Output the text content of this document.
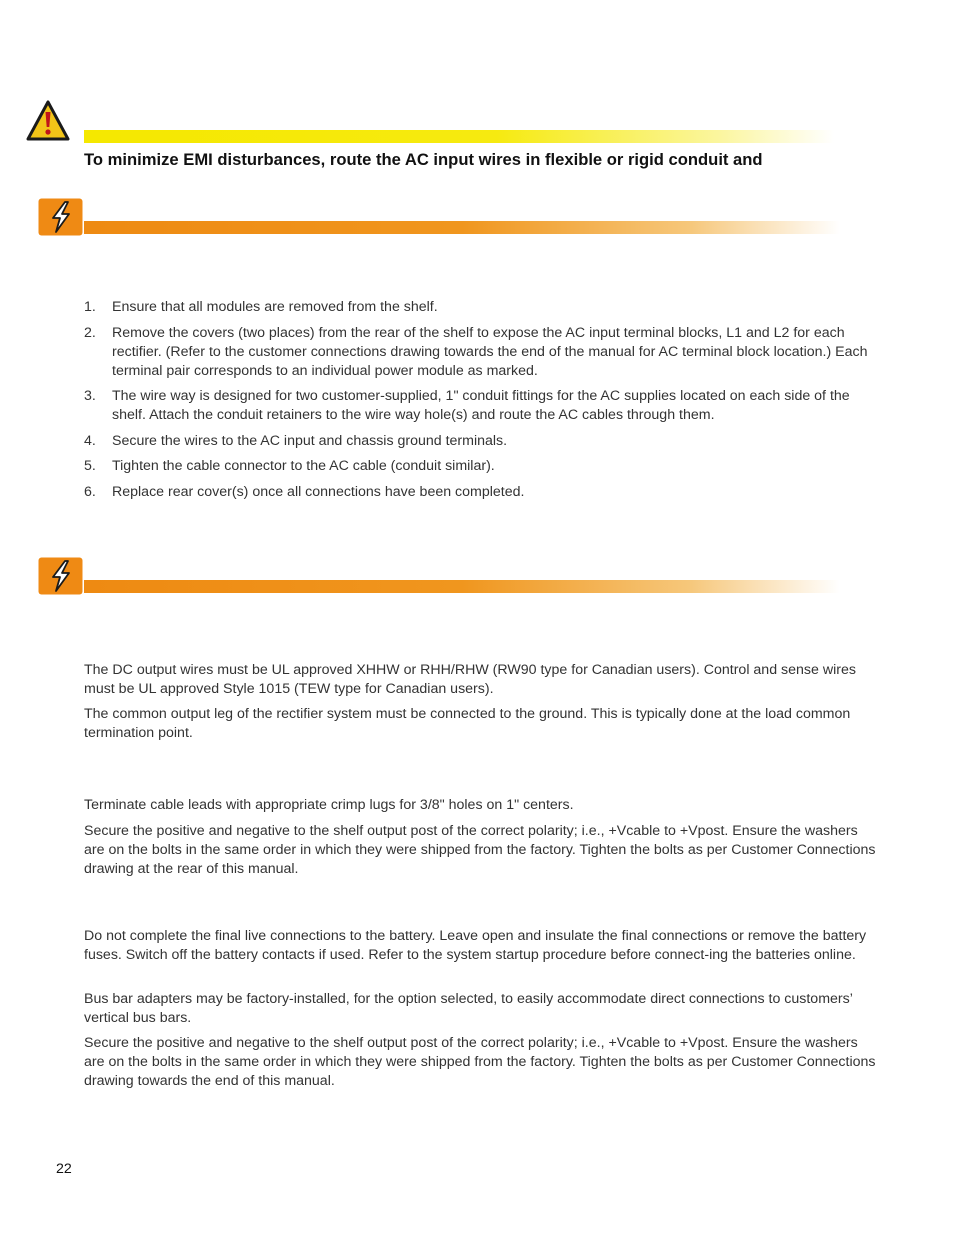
To minimize EMI disturbances, route the AC input wires in flexible or rigid conduit and
1. Ensure that all modules are removed from the shelf.
2. Remove the covers (two places) from the rear of the shelf to expose the AC input terminal blocks, L1 and L2 for each rectifier. (Refer to the customer connections drawing towards the end of the manual for AC terminal block location.) Each terminal pair corresponds to an individual power module as marked.
3. The wire way is designed for two customer-supplied, 1" conduit fittings for the AC supplies located on each side of the shelf. Attach the conduit retainers to the wire way hole(s) and route the AC cables through them.
4. Secure the wires to the AC input and chassis ground terminals.
5. Tighten the cable connector to the AC cable (conduit similar).
6. Replace rear cover(s) once all connections have been completed.

The DC output wires must be UL approved XHHW or RHH/RHW (RW90 type for Canadian users). Control and sense wires must be UL approved Style 1015 (TEW type for Canadian users).

The common output leg of the rectifier system must be connected to the ground. This is typically done at the load common termination point.

Terminate cable leads with appropriate crimp lugs for 3/8" holes on 1" centers.

Secure the positive and negative to the shelf output post of the correct polarity; i.e., +Vcable to +Vpost. Ensure the washers are on the bolts in the same order in which they were shipped from the factory. Tighten the bolts as per Customer Connections drawing at the rear of this manual.

Do not complete the final live connections to the battery. Leave open and insulate the final connections or remove the battery fuses. Switch off the battery contacts if used. Refer to the system startup procedure before connect-ing the batteries online.

Bus bar adapters may be factory-installed, for the option selected, to easily accommodate direct connections to customers’ vertical bus bars.

Secure the positive and negative to the shelf output post of the correct polarity; i.e., +Vcable to +Vpost. Ensure the washers are on the bolts in the same order in which they were shipped from the factory. Tighten the bolts as per Customer Connections drawing towards the end of this manual.

22
